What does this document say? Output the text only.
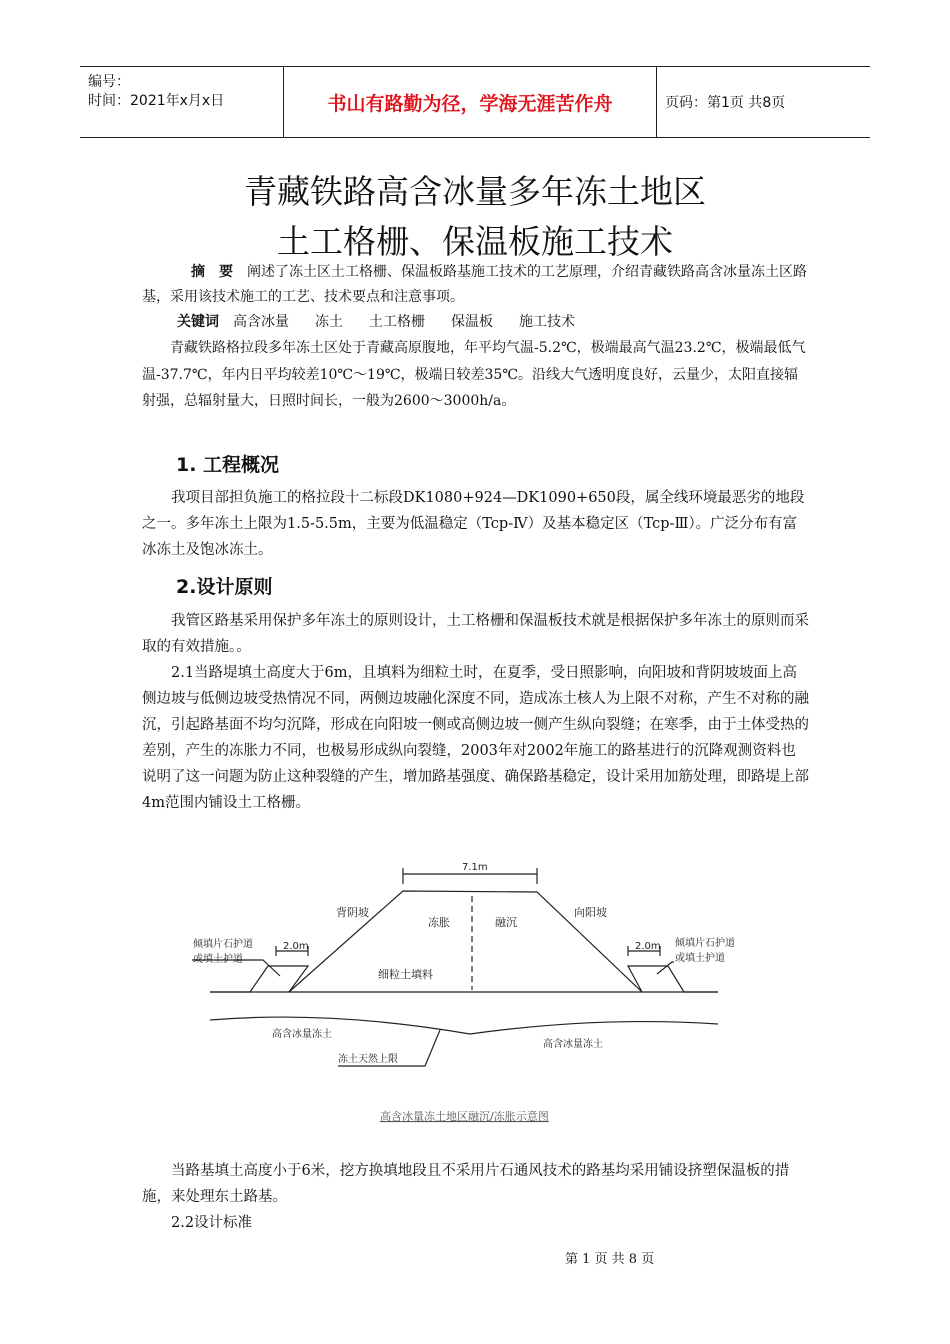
编号：
时间：2021年x月x日	书山有路勤为径，学海无涯苦作舟	页码：第1页 共8页
青藏铁路高含冰量多年冻土地区
土工格栅、保温板施工技术
摘　要 阐述了冻土区土工格栅、保温板路基施工技术的工艺原理，介绍青藏铁路高含冰量冻土区路基，采用该技术施工的工艺、技术要点和注意事项。
关键词 高含冰量 冻土 土工格栅 保温板 施工技术
青藏铁路格拉段多年冻土区处于青藏高原腹地，年平均气温-5.2℃，极端最高气温23.2℃，极端最低气温-37.7℃，年内日平均较差10℃～19℃，极端日较差35℃。沿线大气透明度良好，云量少，太阳直接辐射强，总辐射量大，日照时间长，一般为2600～3000h/a。
1. 工程概况
我项目部担负施工的格拉段十二标段DK1080+924—DK1090+650段，属全线环境最恶劣的地段之一。多年冻土上限为1.5-5.5m，主要为低温稳定（Tcp-Ⅳ）及基本稳定区（Tcp-Ⅲ）。广泛分布有富冰冻土及饱冰冻土。
2.设计原则
我管区路基采用保护多年冻土的原则设计，土工格栅和保温板技术就是根据保护多年冻土的原则而采取的有效措施。。
2.1当路堤填土高度大于6m，且填料为细粒土时，在夏季，受日照影响，向阳坡和背阴坡坡面上高侧边坡与低侧边坡受热情况不同，两侧边坡融化深度不同，造成冻土核人为上限不对称，产生不对称的融沉，引起路基面不均匀沉降，形成在向阳坡一侧或高侧边坡一侧产生纵向裂缝；在寒季，由于土体受热的差别，产生的冻胀力不同，也极易形成纵向裂缝，2003年对2002年施工的路基进行的沉降观测资料也说明了这一问题为防止这种裂缝的产生，增加路基强度、确保路基稳定，设计采用加筋处理，即路堤上部4m范围内铺设土工格栅。
7.1m
背阴坡	向阳坡
冻胀	融沉
细粒土填料
2.0m	2.0m
倾填片石护道
或填土护道
倾填片石护道
或填土护道
高含冰量冻土
高含冰量冻土
冻土天然上限
高含冰量冻土地区融沉/冻胀示意图
当路基填土高度小于6米，挖方换填地段且不采用片石通风技术的路基均采用铺设挤塑保温板的措施，来处理东土路基。
2.2设计标准
第 1 页 共 8 页
